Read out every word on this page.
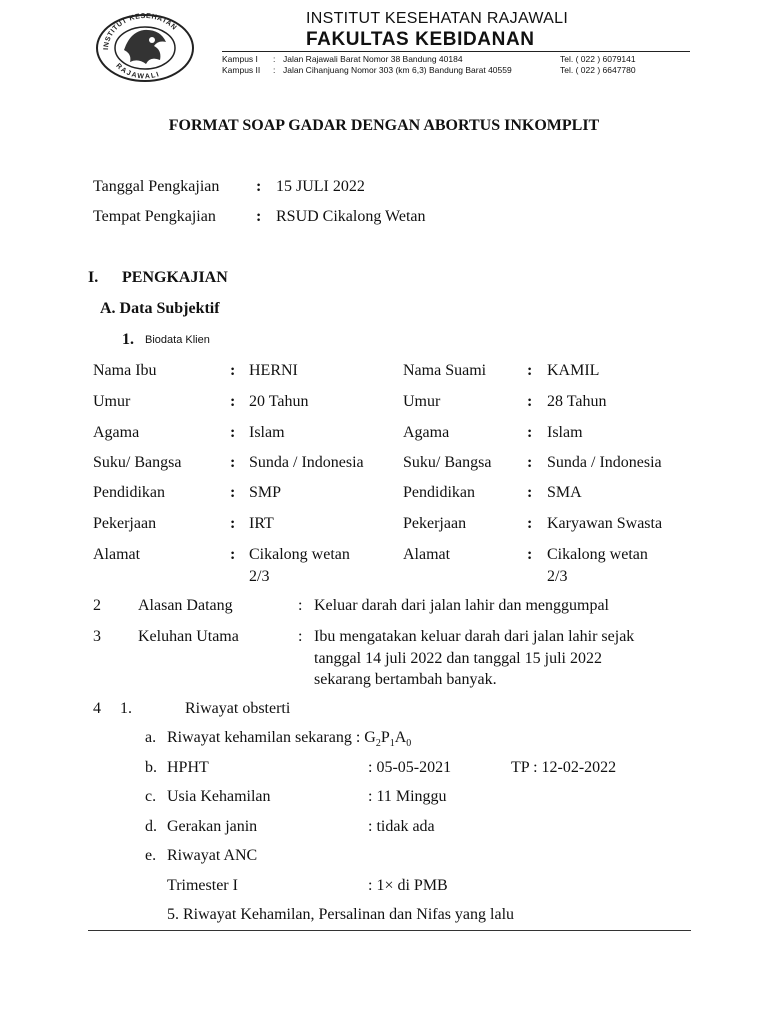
INSTITUT KESEHATAN
RAJAWALI
INSTITUT KESEHATAN RAJAWALI
FAKULTAS KEBIDANAN
Kampus I : Jalan Rajawali Barat Nomor 38 Bandung 40184	Tel. ( 022 ) 6079141
Kampus II : Jalan Cihanjuang Nomor 303 (km 6,3) Bandung Barat 40559	Tel. ( 022 ) 6647780
FORMAT SOAP GADAR DENGAN ABORTUS INKOMPLIT
Tanggal Pengkajian : 15 JULI 2022
Tempat Pengkajian	: RSUD Cikalong Wetan
I. PENGKAJIAN
A. Data Subjektif
1. Biodata Klien
Nama Ibu	: HERNI	Nama Suami	: KAMIL
Umur	: 20 Tahun	Umur	: 28 Tahun
Agama	: Islam	Agama	: Islam
Suku/ Bangsa	: Sunda / Indonesia Suku/ Bangsa : Sunda / Indonesia
Pendidikan	: SMP	Pendidikan	: SMA
Pekerjaan	: IRT	Pekerjaan	: Karyawan Swasta
Alamat	: Cikalong wetan	Alamat	: Cikalong wetan
2/3	2/3
2 Alasan Datang	: Keluar darah dari jalan lahir dan menggumpal
3 Keluhan Utama	: Ibu mengatakan keluar darah dari jalan lahir sejak
tanggal 14 juli 2022 dan tanggal 15 juli 2022
sekarang bertambah banyak.
4 1.	Riwayat obsterti
a. Riwayat kehamilan sekarang : $G_2P_1A_0$
b. HPHT	: 05-05-2021	TP : 12-02-2022
c. Usia Kehamilan	: 11 Minggu
d. Gerakan janin	: tidak ada
e. Riwayat ANC
Trimester I	: 1× di PMB
5. Riwayat Kehamilan, Persalinan dan Nifas yang lalu
